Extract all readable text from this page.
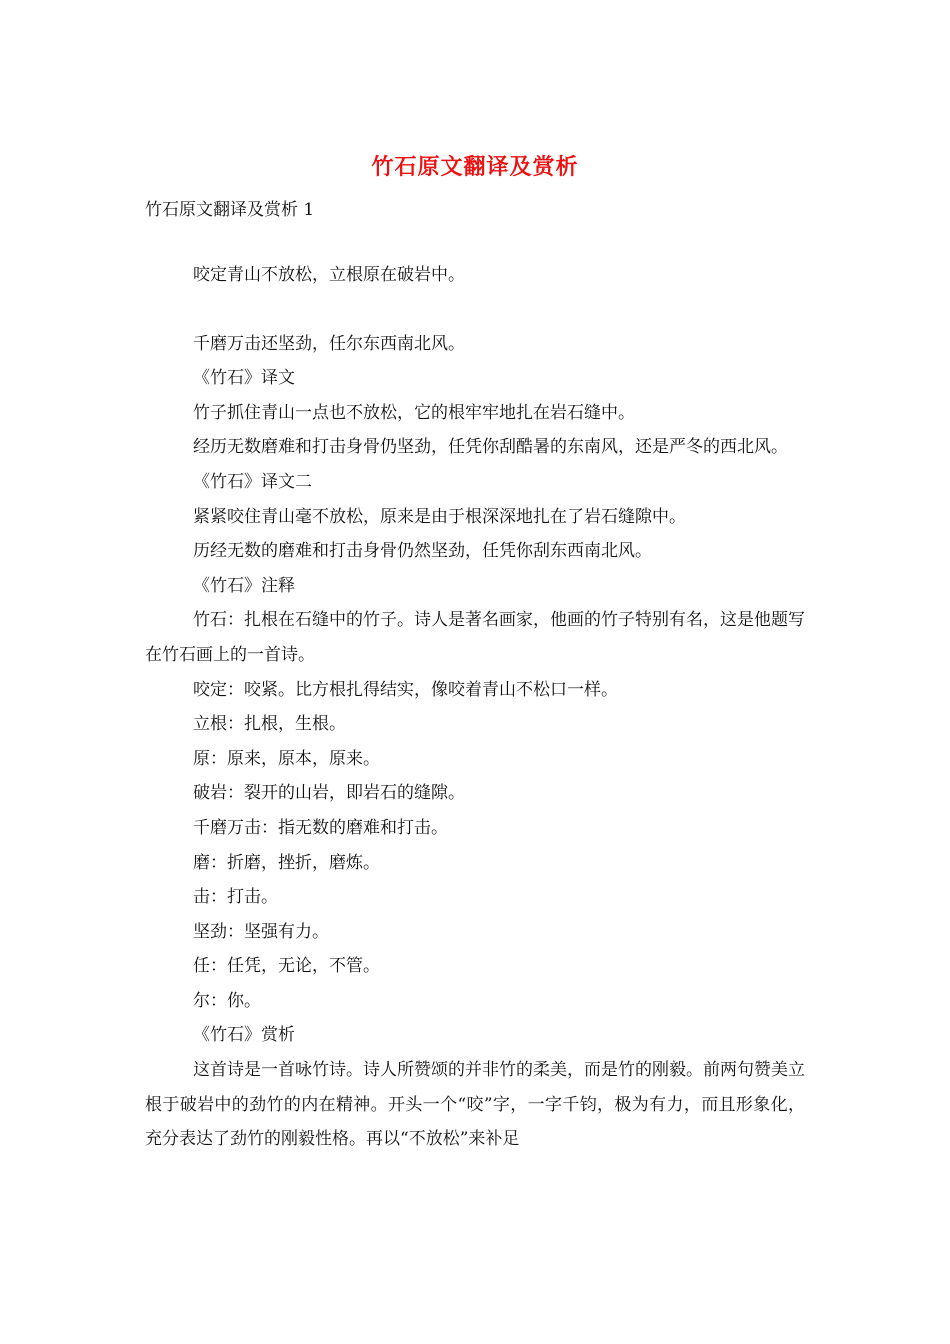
竹石原文翻译及赏析

竹石原文翻译及赏析 1

咬定青山不放松，立根原在破岩中。

千磨万击还坚劲，任尔东西南北风。

《竹石》译文

竹子抓住青山一点也不放松，它的根牢牢地扎在岩石缝中。

经历无数磨难和打击身骨仍坚劲，任凭你刮酷暑的东南风，还是严冬的西北风。

《竹石》译文二

紧紧咬住青山毫不放松，原来是由于根深深地扎在了岩石缝隙中。

历经无数的磨难和打击身骨仍然坚劲，任凭你刮东西南北风。

《竹石》注释

竹石：扎根在石缝中的竹子。诗人是著名画家，他画的竹子特别有名，这是他题写在竹石画上的一首诗。

咬定：咬紧。比方根扎得结实，像咬着青山不松口一样。

立根：扎根，生根。

原：原来，原本，原来。

破岩：裂开的山岩，即岩石的缝隙。

千磨万击：指无数的磨难和打击。

磨：折磨，挫折，磨炼。

击：打击。

坚劲：坚强有力。

任：任凭，无论，不管。

尔：你。

《竹石》赏析

这首诗是一首咏竹诗。诗人所赞颂的并非竹的柔美，而是竹的刚毅。前两句赞美立根于破岩中的劲竹的内在精神。开头一个“咬”字，一字千钧，极为有力，而且形象化，充分表达了劲竹的刚毅性格。再以“不放松”来补足
